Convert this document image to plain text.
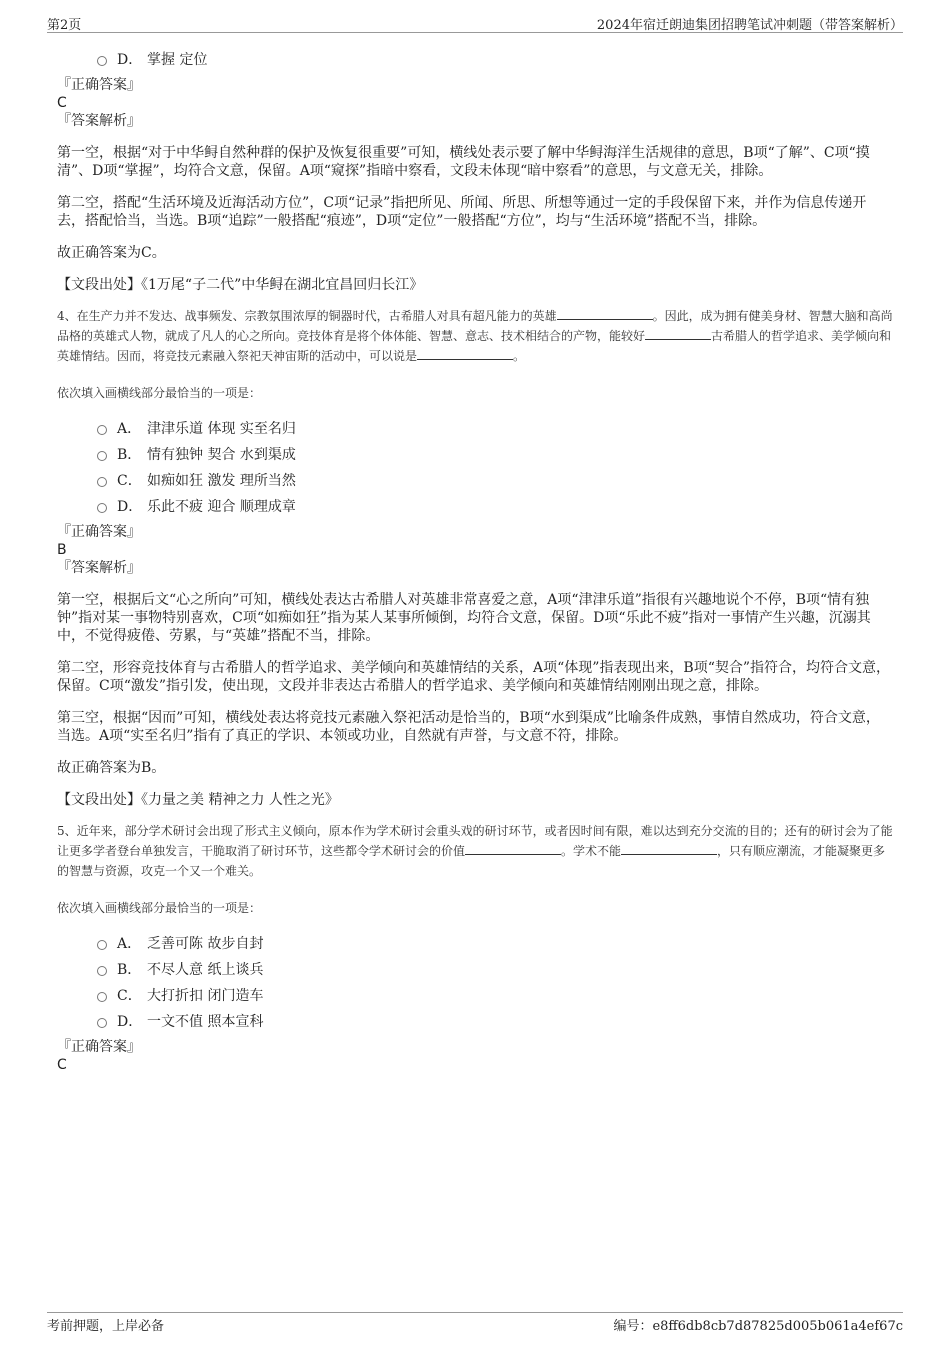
第2页	2024年宿迁朗迪集团招聘笔试冲刺题（带答案解析）
D． 掌握 定位
『正确答案』
C
『答案解析』

第一空，根据“对于中华鲟自然种群的保护及恢复很重要”可知，横线处表示要了解中华鲟海洋生活规律的意思，B项“了解”、C项“摸清”、D项“掌握”，均符合文意，保留。A项“窥探”指暗中察看，文段未体现“暗中察看”的意思，与文意无关，排除。

第二空，搭配“生活环境及近海活动方位”，C项“记录”指把所见、所闻、所思、所想等通过一定的手段保留下来，并作为信息传递开去，搭配恰当，当选。B项“追踪”一般搭配“痕迹”，D项“定位”一般搭配“方位”，均与“生活环境”搭配不当，排除。

故正确答案为C。

【文段出处】《1万尾“子二代”中华鲟在湖北宜昌回归长江》

4、在生产力并不发达、战事频发、宗教氛围浓厚的铜器时代，古希腊人对具有超凡能力的英雄	。因此，成为拥有健美身材、智慧大脑和高尚品格的英雄式人物，就成了凡人的心之所向。竞技体育是将个体体能、智慧、意志、技术相结合的产物，能较好	古希腊人的哲学追求、美学倾向和英雄情结。因而，将竞技元素融入祭祀天神宙斯的活动中，可以说是	。

依次填入画横线部分最恰当的一项是：

A． 津津乐道 体现 实至名归
B． 情有独钟 契合 水到渠成
C． 如痴如狂 激发 理所当然
D． 乐此不疲 迎合 顺理成章
『正确答案』
B
『答案解析』

第一空，根据后文“心之所向”可知，横线处表达古希腊人对英雄非常喜爱之意，A项“津津乐道”指很有兴趣地说个不停，B项“情有独钟”指对某一事物特别喜欢，C项“如痴如狂”指为某人某事所倾倒，均符合文意，保留。D项“乐此不疲”指对一事情产生兴趣，沉溺其中，不觉得疲倦、劳累，与“英雄”搭配不当，排除。

第二空，形容竞技体育与古希腊人的哲学追求、美学倾向和英雄情结的关系，A项“体现”指表现出来，B项“契合”指符合，均符合文意，保留。C项“激发”指引发，使出现，文段并非表达古希腊人的哲学追求、美学倾向和英雄情结刚刚出现之意，排除。

第三空，根据“因而”可知，横线处表达将竞技元素融入祭祀活动是恰当的，B项“水到渠成”比喻条件成熟，事情自然成功，符合文意，当选。A项“实至名归”指有了真正的学识、本领或功业，自然就有声誉，与文意不符，排除。

故正确答案为B。

【文段出处】《力量之美 精神之力 人性之光》

5、近年来，部分学术研讨会出现了形式主义倾向，原本作为学术研讨会重头戏的研讨环节，或者因时间有限，难以达到充分交流的目的；还有的研讨会为了能让更多学者登台单独发言，干脆取消了研讨环节，这些都令学术研讨会的价值	。学术不能	，只有顺应潮流，才能凝聚更多的智慧与资源，攻克一个又一个难关。

依次填入画横线部分最恰当的一项是：

A． 乏善可陈 故步自封
B． 不尽人意 纸上谈兵
C． 大打折扣 闭门造车
D． 一文不值 照本宣科
『正确答案』
C
考前押题，上岸必备	编号：e8ff6db8cb7d87825d005b061a4ef67c
